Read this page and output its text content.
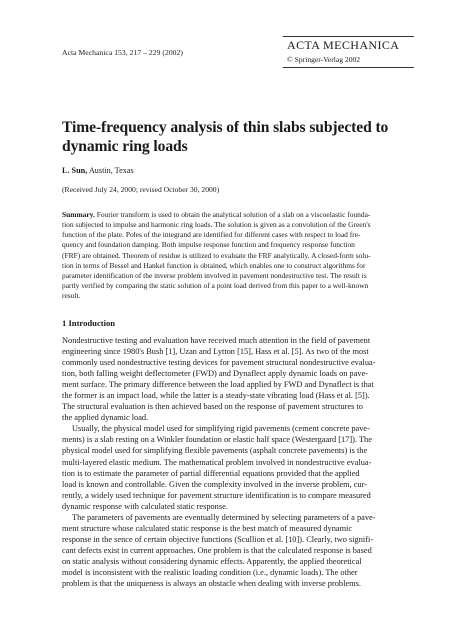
Acta Mechanica 153, 217 – 229 (2002)
ACTA MECHANICA
© Springer-Verlag 2002
Time-frequency analysis of thin slabs subjected to
dynamic ring loads
L. Sun, Austin, Texas
(Received July 24, 2000; revised October 30, 2000)
Summary. Fourier transform is used to obtain the analytical solution of a slab on a viscoelastic founda-
tion subjected to impulse and harmonic ring loads. The solution is given as a convolution of the Green's
function of the plate. Poles of the integrand are identified for different cases with respect to load fre-
quency and foundation damping. Both impulse response function and frequency response function
(FRF) are obtained. Theorem of residue is utilized to evaluate the FRF analytically. A closed-form solu-
tion in terms of Bessel and Hankel function is obtained, which enables one to construct algorithms for
parameter identification of the inverse problem involved in pavement nondestructive test. The result is
partly verified by comparing the static solution of a point load derived from this paper to a well-known
result.
1 Introduction
Nondestructive testing and evaluation have received much attention in the field of pavement
engineering since 1980's Bush [1], Uzan and Lytton [15], Hass et al. [5]. As two of the most
commonly used nondestructive testing devices for pavement structural nondestructive evalua-
tion, both falling weight deflectometer (FWD) and Dynaflect apply dynamic loads on pave-
ment surface. The primary difference between the load applied by FWD and Dynaflect is that
the former is an impact load, while the latter is a steady-state vibrating load (Hass et al. [5]).
The structural evaluation is then achieved based on the response of pavement structures to
the applied dynamic load.
Usually, the physical model used for simplifying rigid pavements (cement concrete pave-
ments) is a slab resting on a Winkler foundation or elastic half space (Westergaard [17]). The
physical model used for simplifying flexible pavements (asphalt concrete pavements) is the
multi-layered elastic medium. The mathematical problem involved in nondestructive evalua-
tion is to estimate the parameter of partial differential equations provided that the applied
load is known and controllable. Given the complexity involved in the inverse problem, cur-
rently, a widely used technique for pavement structure identification is to compare measured
dynamic response with calculated static response.
The parameters of pavements are eventually determined by selecting parameters of a pave-
ment structure whose calculated static response is the best match of measured dynamic
response in the sence of certain objective functions (Scullion et al. [10]). Clearly, two signifi-
cant defects exist in current approaches. One problem is that the calculated response is based
on static analysis without considering dynamic effects. Apparently, the applied theoretical
model is inconsistent with the realistic loading condition (i.e., dynamic loads). The other
problem is that the uniqueness is always an obstacle when dealing with inverse problems.
